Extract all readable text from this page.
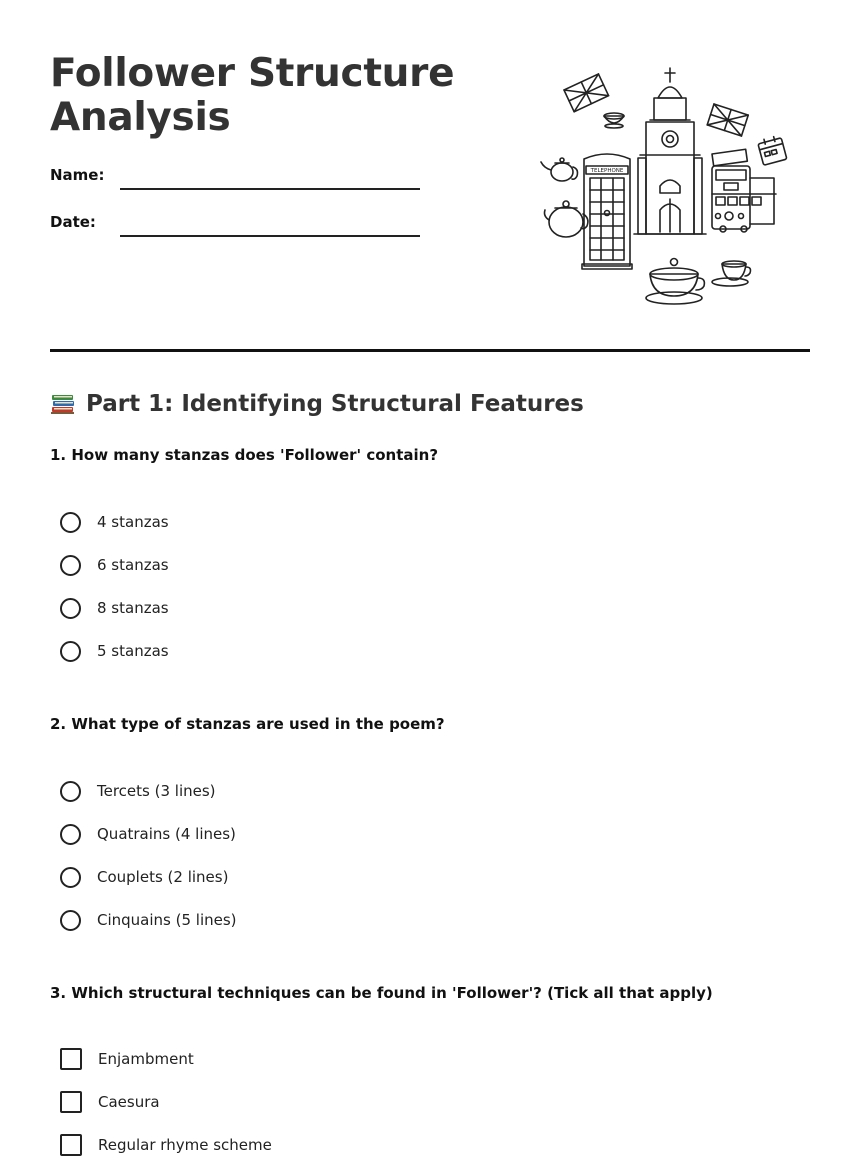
Follower Structure
Analysis
Name:
Date:
TELEPHONE
Part 1: Identifying Structural Features

1. How many stanzas does 'Follower' contain?

4 stanzas
6 stanzas
8 stanzas
5 stanzas

2. What type of stanzas are used in the poem?

Tercets (3 lines)
Quatrains (4 lines)
Couplets (2 lines)
Cinquains (5 lines)

3. Which structural techniques can be found in 'Follower'? (Tick all that apply)

Enjambment
Caesura
Regular rhyme scheme
